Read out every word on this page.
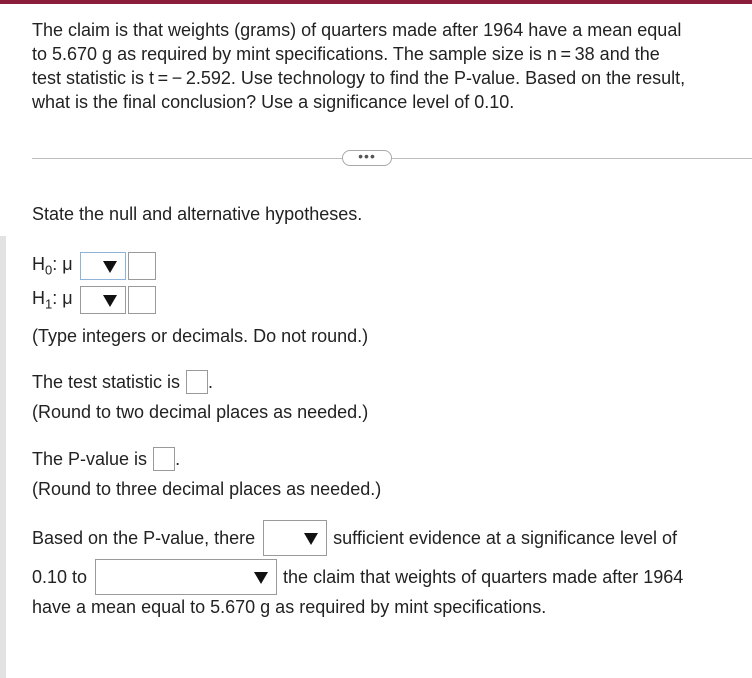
The claim is that weights (grams) of quarters made after 1964 have a mean equal
to 5.670 g as required by mint specifications. The sample size is n = 38 and the
test statistic is t = − 2.592. Use technology to find the P-value. Based on the result,
what is the final conclusion? Use a significance level of 0.10.
•••
State the null and alternative hypotheses.
$H_0$: μ
$H_1$: μ
(Type integers or decimals. Do not round.)
The test statistic is .
(Round to two decimal places as needed.)
The P-value is .
(Round to three decimal places as needed.)
Based on the P-value, there	sufficient evidence at a significance level of
0.10 to	the claim that weights of quarters made after 1964
have a mean equal to 5.670 g as required by mint specifications.
